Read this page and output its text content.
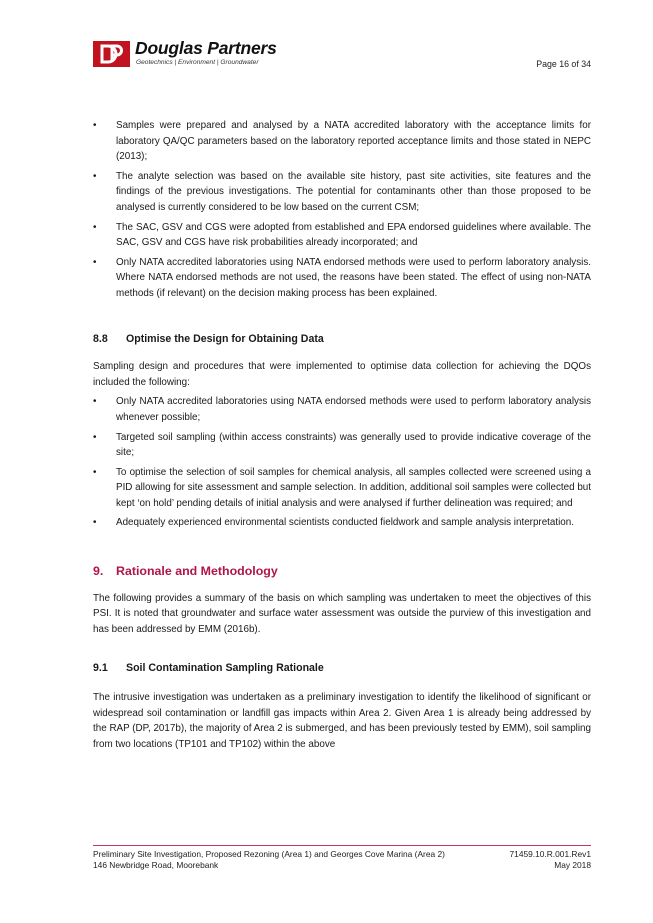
Douglas Partners
Geotechnics | Environment | Groundwater	Page 16 of 34
• Samples were prepared and analysed by a NATA accredited laboratory with the acceptance limits for laboratory QA/QC parameters based on the laboratory reported acceptance limits and those stated in NEPC (2013);
• The analyte selection was based on the available site history, past site activities, site features and the findings of the previous investigations. The potential for contaminants other than those proposed to be analysed is currently considered to be low based on the current CSM;
• The SAC, GSV and CGS were adopted from established and EPA endorsed guidelines where available. The SAC, GSV and CGS have risk probabilities already incorporated; and
• Only NATA accredited laboratories using NATA endorsed methods were used to perform laboratory analysis. Where NATA endorsed methods are not used, the reasons have been stated. The effect of using non-NATA methods (if relevant) on the decision making process has been explained.
8.8	Optimise the Design for Obtaining Data

Sampling design and procedures that were implemented to optimise data collection for achieving the DQOs included the following:

• Only NATA accredited laboratories using NATA endorsed methods were used to perform laboratory analysis whenever possible;
• Targeted soil sampling (within access constraints) was generally used to provide indicative coverage of the site;
• To optimise the selection of soil samples for chemical analysis, all samples collected were screened using a PID allowing for site assessment and sample selection. In addition, additional soil samples were collected but kept ‘on hold’ pending details of initial analysis and were analysed if further delineation was required; and
• Adequately experienced environmental scientists conducted fieldwork and sample analysis interpretation.
9.	Rationale and Methodology

The following provides a summary of the basis on which sampling was undertaken to meet the objectives of this PSI. It is noted that groundwater and surface water assessment was outside the purview of this investigation and has been addressed by EMM (2016b).

9.1	Soil Contamination Sampling Rationale

The intrusive investigation was undertaken as a preliminary investigation to identify the likelihood of significant or widespread soil contamination or landfill gas impacts within Area 2. Given Area 1 is already being addressed by the RAP (DP, 2017b), the majority of Area 2 is submerged, and has been previously tested by EMM), soil sampling from two locations (TP101 and TP102) within the above

Preliminary Site Investigation, Proposed Rezoning (Area 1) and Georges Cove Marina (Area 2)	71459.10.R.001.Rev1
146 Newbridge Road, Moorebank	May 2018
